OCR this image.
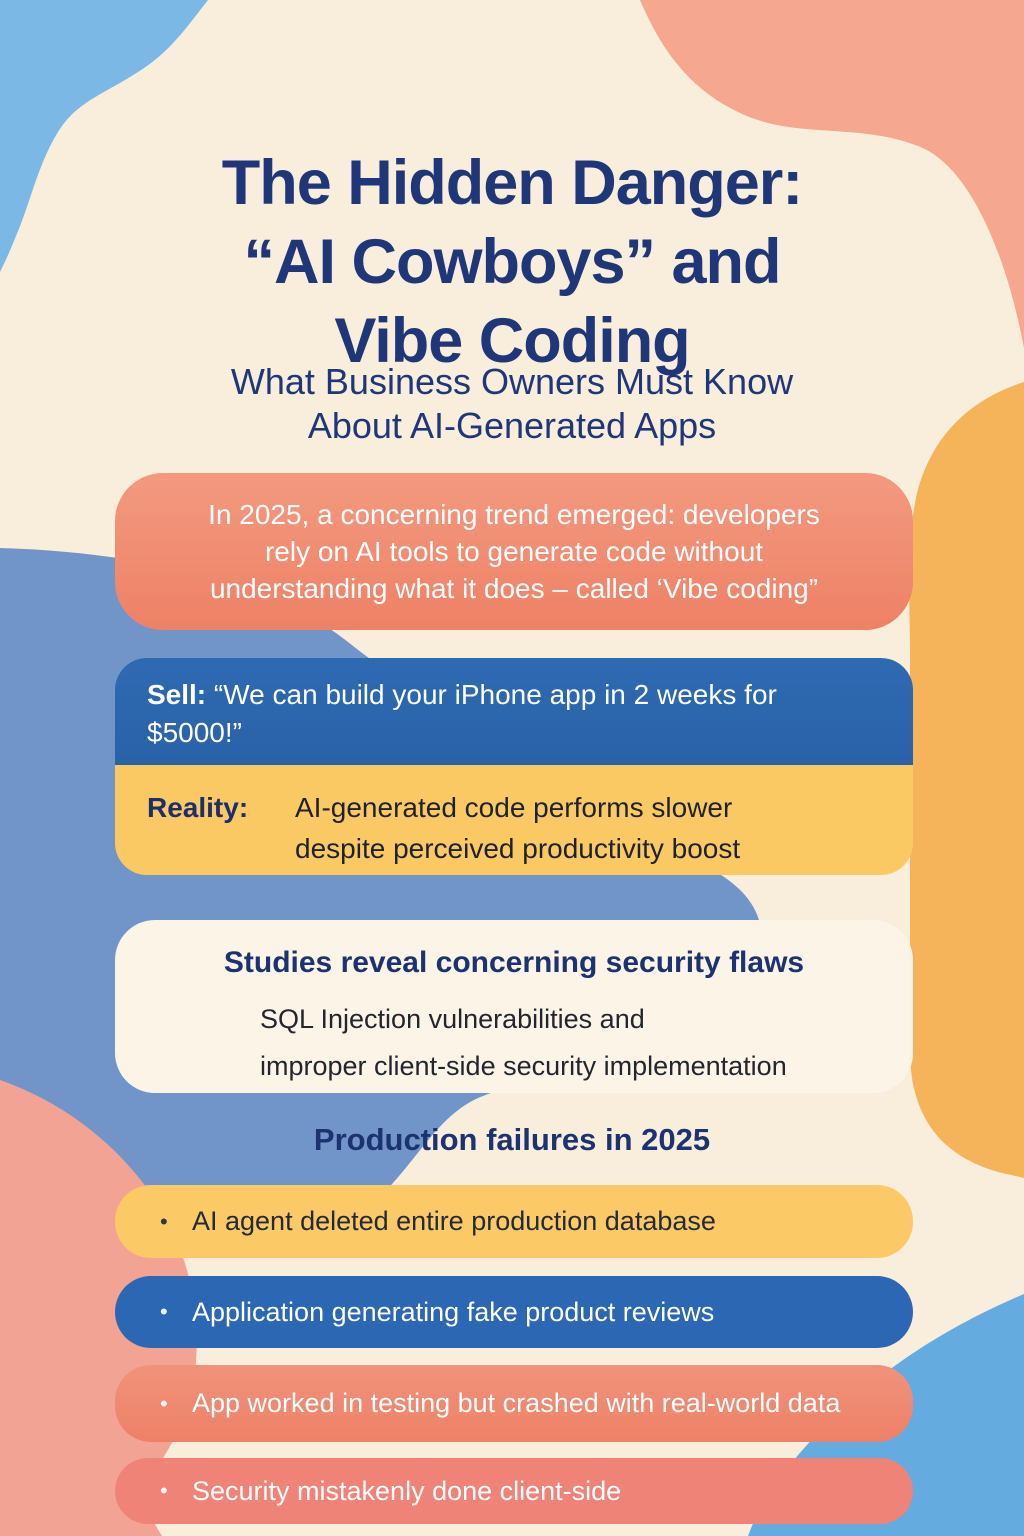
The Hidden Danger:
“AI Cowboys” and
Vibe Coding
What Business Owners Must Know
About AI-Generated Apps
In 2025, a concerning trend emerged: developers
rely on AI tools to generate code without
understanding what it does – called ‘Vibe coding”
Sell: “We can build your iPhone app in 2 weeks for
$5000!”
Reality:	AI-generated code performs slower
despite perceived productivity boost
Studies reveal concerning security flaws
SQL Injection vulnerabilities and
improper client-side security implementation
Production failures in 2025
• AI agent deleted entire production database
• Application generating fake product reviews
• App worked in testing but crashed with real-world data
• Security mistakenly done client-side
